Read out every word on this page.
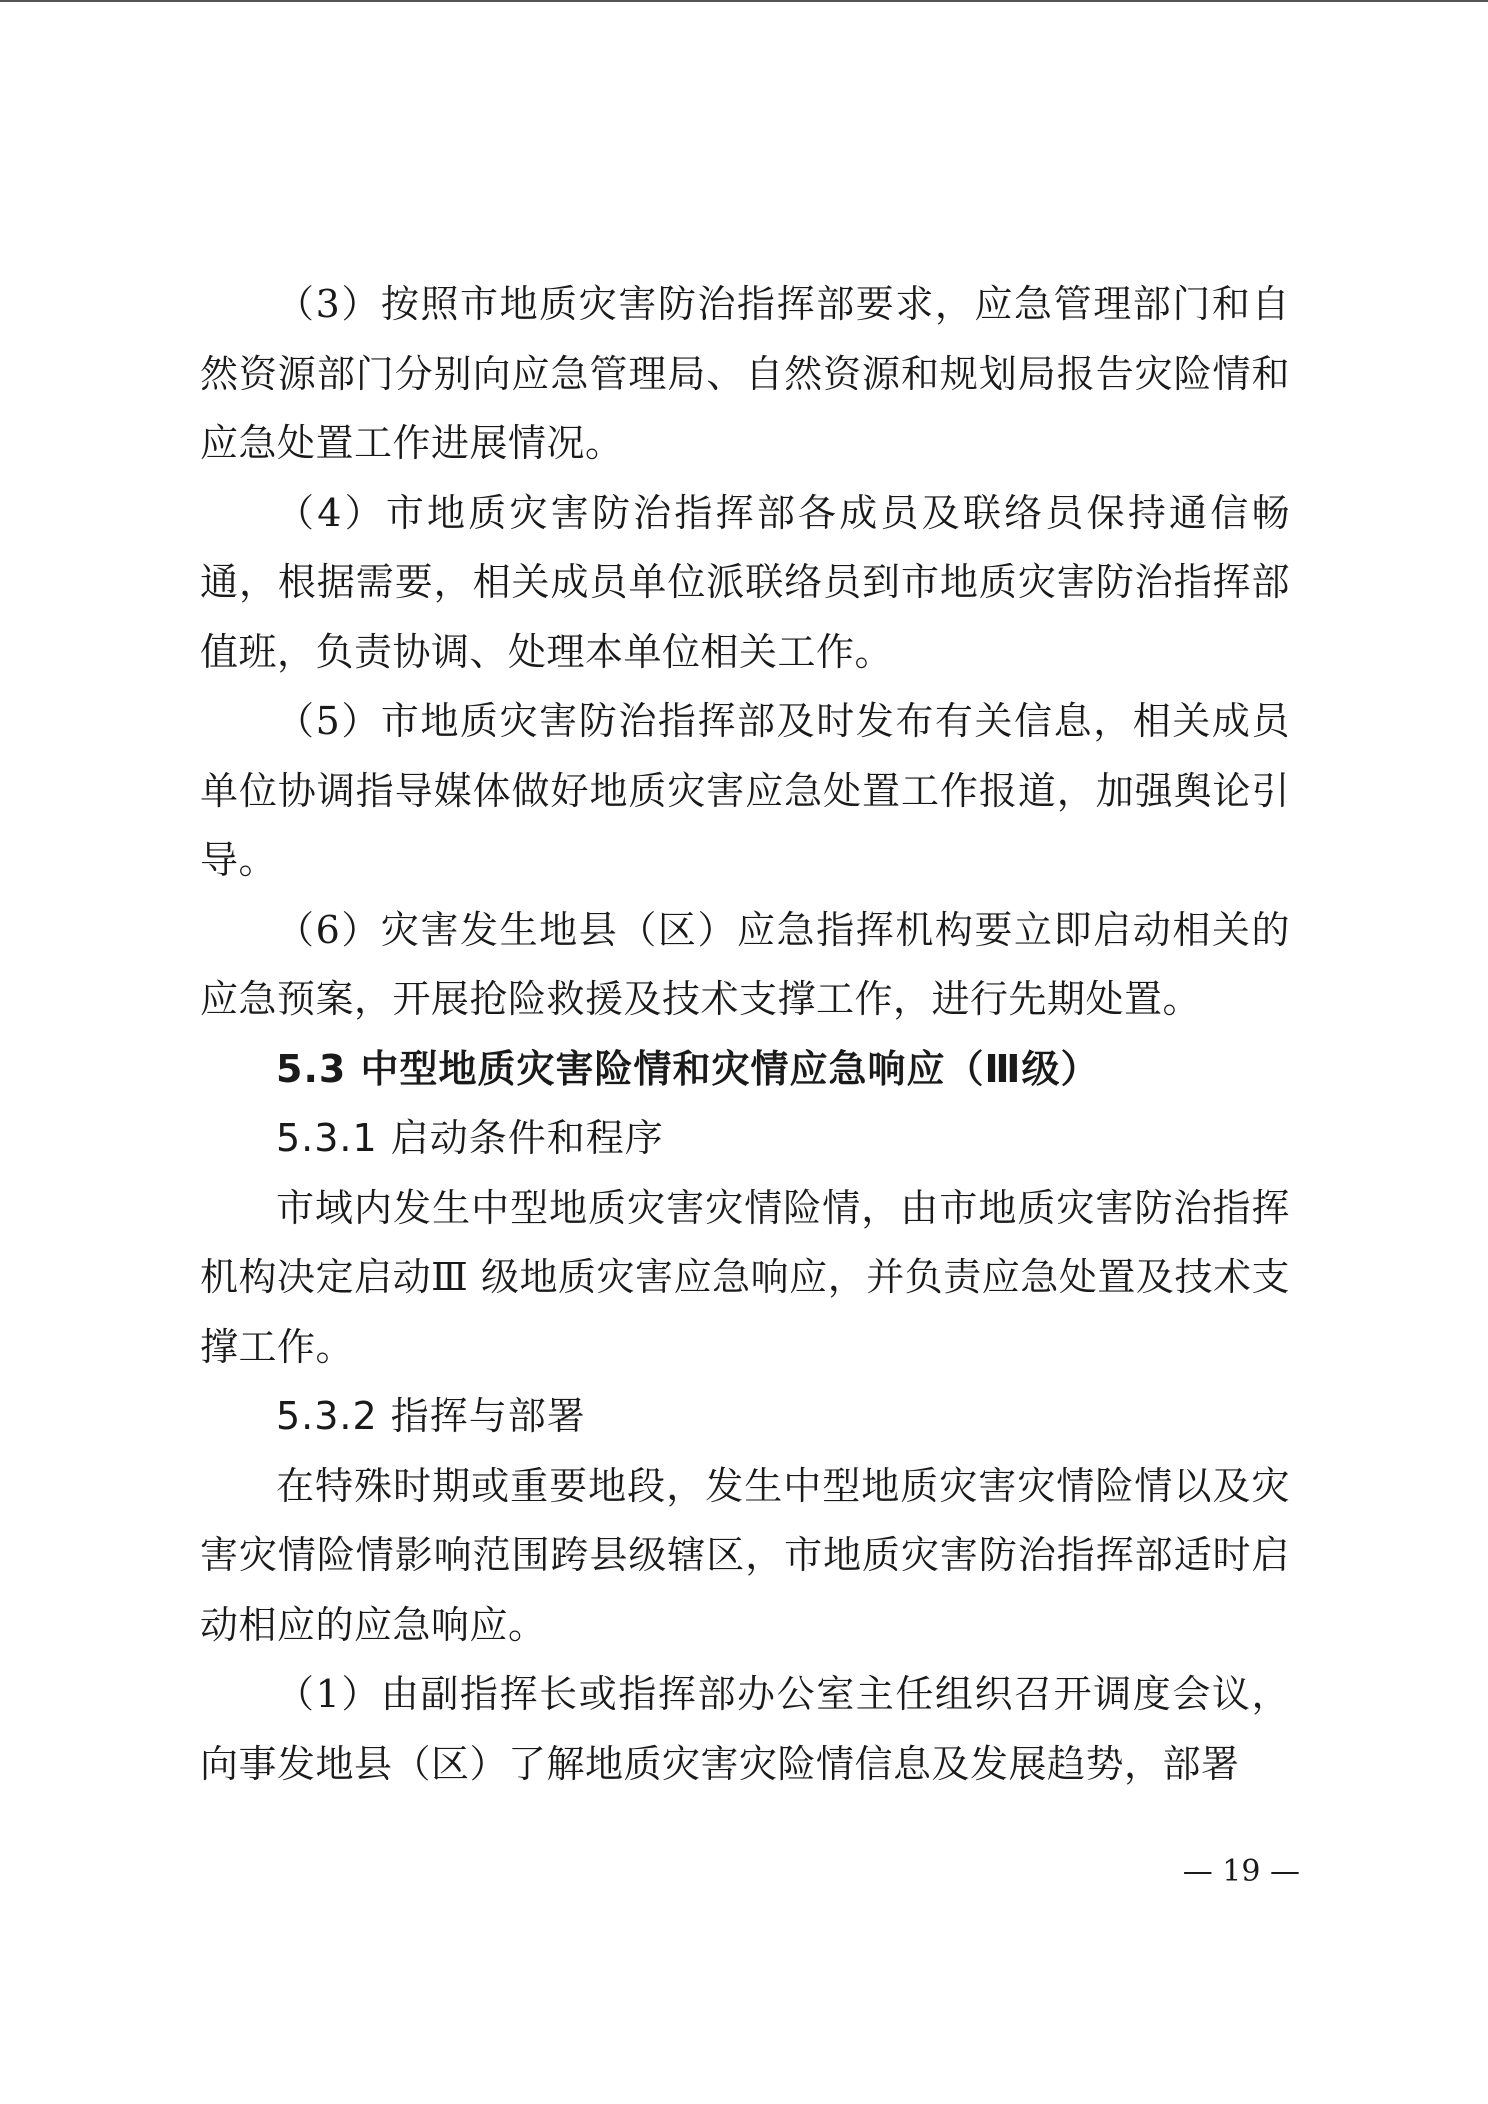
（3）按照市地质灾害防治指挥部要求，应急管理部门和自然资源部门分别向应急管理局、自然资源和规划局报告灾险情和应急处置工作进展情况。

（4）市地质灾害防治指挥部各成员及联络员保持通信畅通，根据需要，相关成员单位派联络员到市地质灾害防治指挥部值班，负责协调、处理本单位相关工作。

（5）市地质灾害防治指挥部及时发布有关信息，相关成员单位协调指导媒体做好地质灾害应急处置工作报道，加强舆论引导。

（6）灾害发生地县（区）应急指挥机构要立即启动相关的应急预案，开展抢险救援及技术支撑工作，进行先期处置。

5.3 中型地质灾害险情和灾情应急响应（Ⅲ级）

5.3.1 启动条件和程序

市域内发生中型地质灾害灾情险情，由市地质灾害防治指挥机构决定启动Ⅲ 级地质灾害应急响应，并负责应急处置及技术支撑工作。

5.3.2 指挥与部署

在特殊时期或重要地段，发生中型地质灾害灾情险情以及灾害灾情险情影响范围跨县级辖区，市地质灾害防治指挥部适时启动相应的应急响应。

（1）由副指挥长或指挥部办公室主任组织召开调度会议，向事发地县（区）了解地质灾害灾险情信息及发展趋势，部署

— 19 —
